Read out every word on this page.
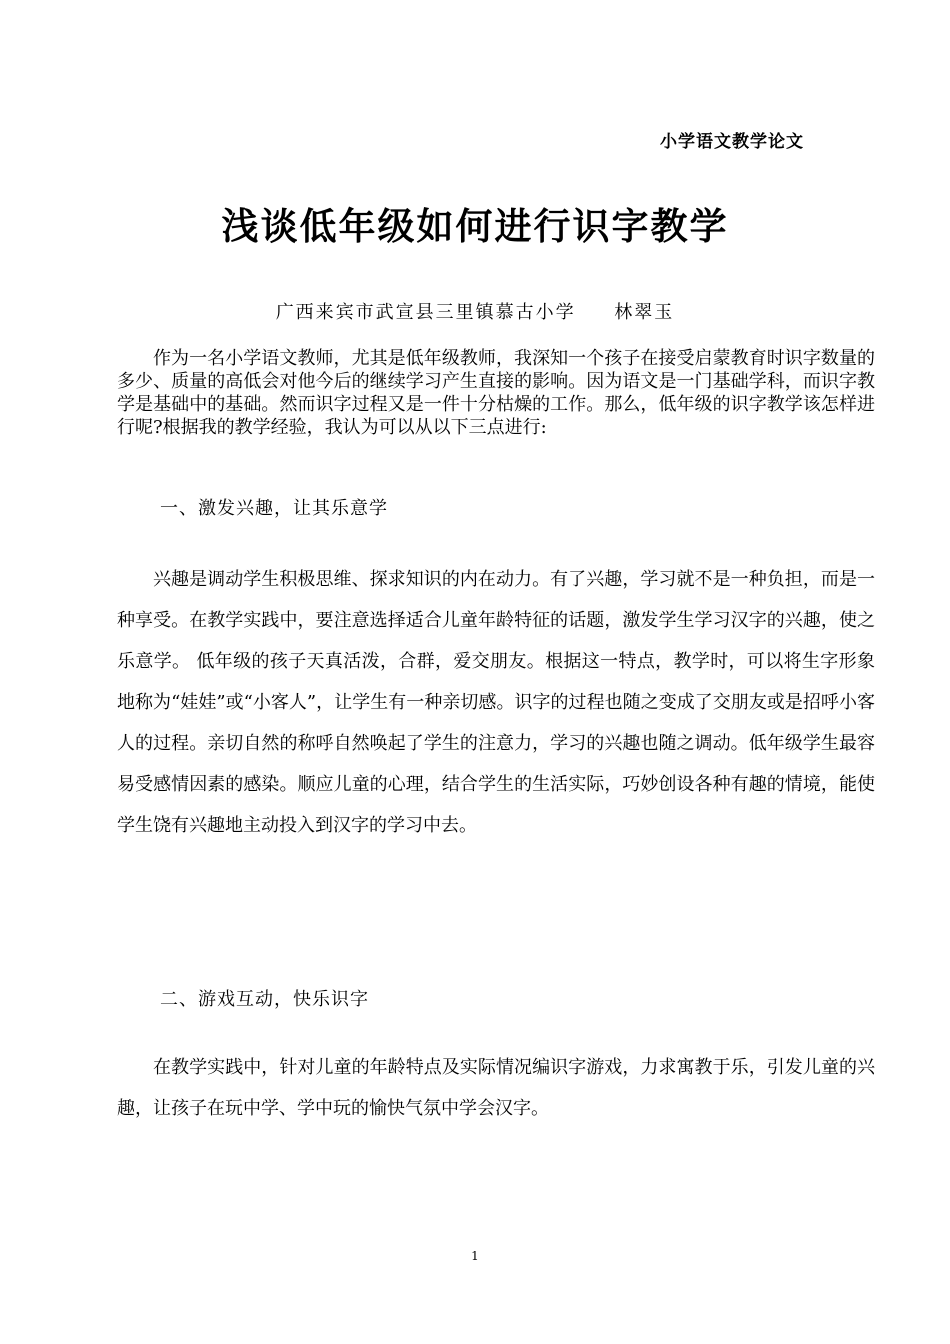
小学语文教学论文
浅谈低年级如何进行识字教学
广西来宾市武宣县三里镇慕古小学     林翠玉

作为一名小学语文教师，尤其是低年级教师，我深知一个孩子在接受启蒙教育时识字数量的多少、质量的高低会对他今后的继续学习产生直接的影响。因为语文是一门基础学科，而识字教学是基础中的基础。然而识字过程又是一件十分枯燥的工作。那么，低年级的识字教学该怎样进行呢?根据我的教学经验，我认为可以从以下三点进行:

一、激发兴趣，让其乐意学

兴趣是调动学生积极思维、探求知识的内在动力。有了兴趣，学习就不是一种负担，而是一种享受。在教学实践中，要注意选择适合儿童年龄特征的话题，激发学生学习汉字的兴趣，使之乐意学。 低年级的孩子天真活泼，合群，爱交朋友。根据这一特点，教学时，可以将生字形象地称为“娃娃”或“小客人”，让学生有一种亲切感。识字的过程也随之变成了交朋友或是招呼小客人的过程。亲切自然的称呼自然唤起了学生的注意力，学习的兴趣也随之调动。低年级学生最容易受感情因素的感染。顺应儿童的心理，结合学生的生活实际，巧妙创设各种有趣的情境，能使学生饶有兴趣地主动投入到汉字的学习中去。

二、游戏互动，快乐识字

在教学实践中，针对儿童的年龄特点及实际情况编识字游戏，力求寓教于乐，引发儿童的兴趣，让孩子在玩中学、学中玩的愉快气氛中学会汉字。

1
